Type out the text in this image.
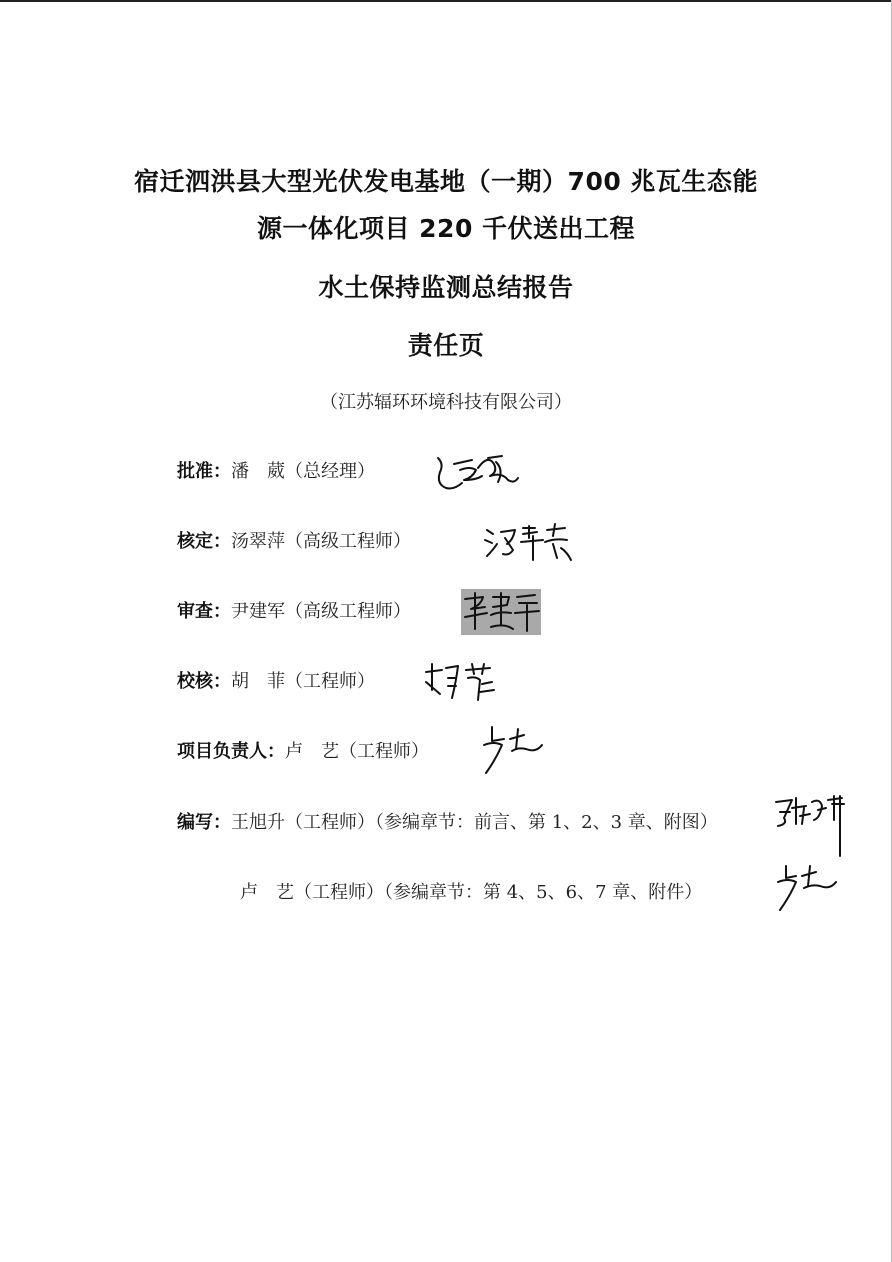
宿迁泗洪县大型光伏发电基地（一期）700 兆瓦生态能
源一体化项目 220 千伏送出工程
水土保持监测总结报告
责任页
（江苏辐环环境科技有限公司）
批准：潘　葳（总经理）
核定：汤翠萍（高级工程师）
审查：尹建军（高级工程师）
校核：胡　菲（工程师）
项目负责人：卢　艺（工程师）
编写：王旭升（工程师）（参编章节：前言、第 1、2、3 章、附图）
卢　艺（工程师）（参编章节：第 4、5、6、7 章、附件）
